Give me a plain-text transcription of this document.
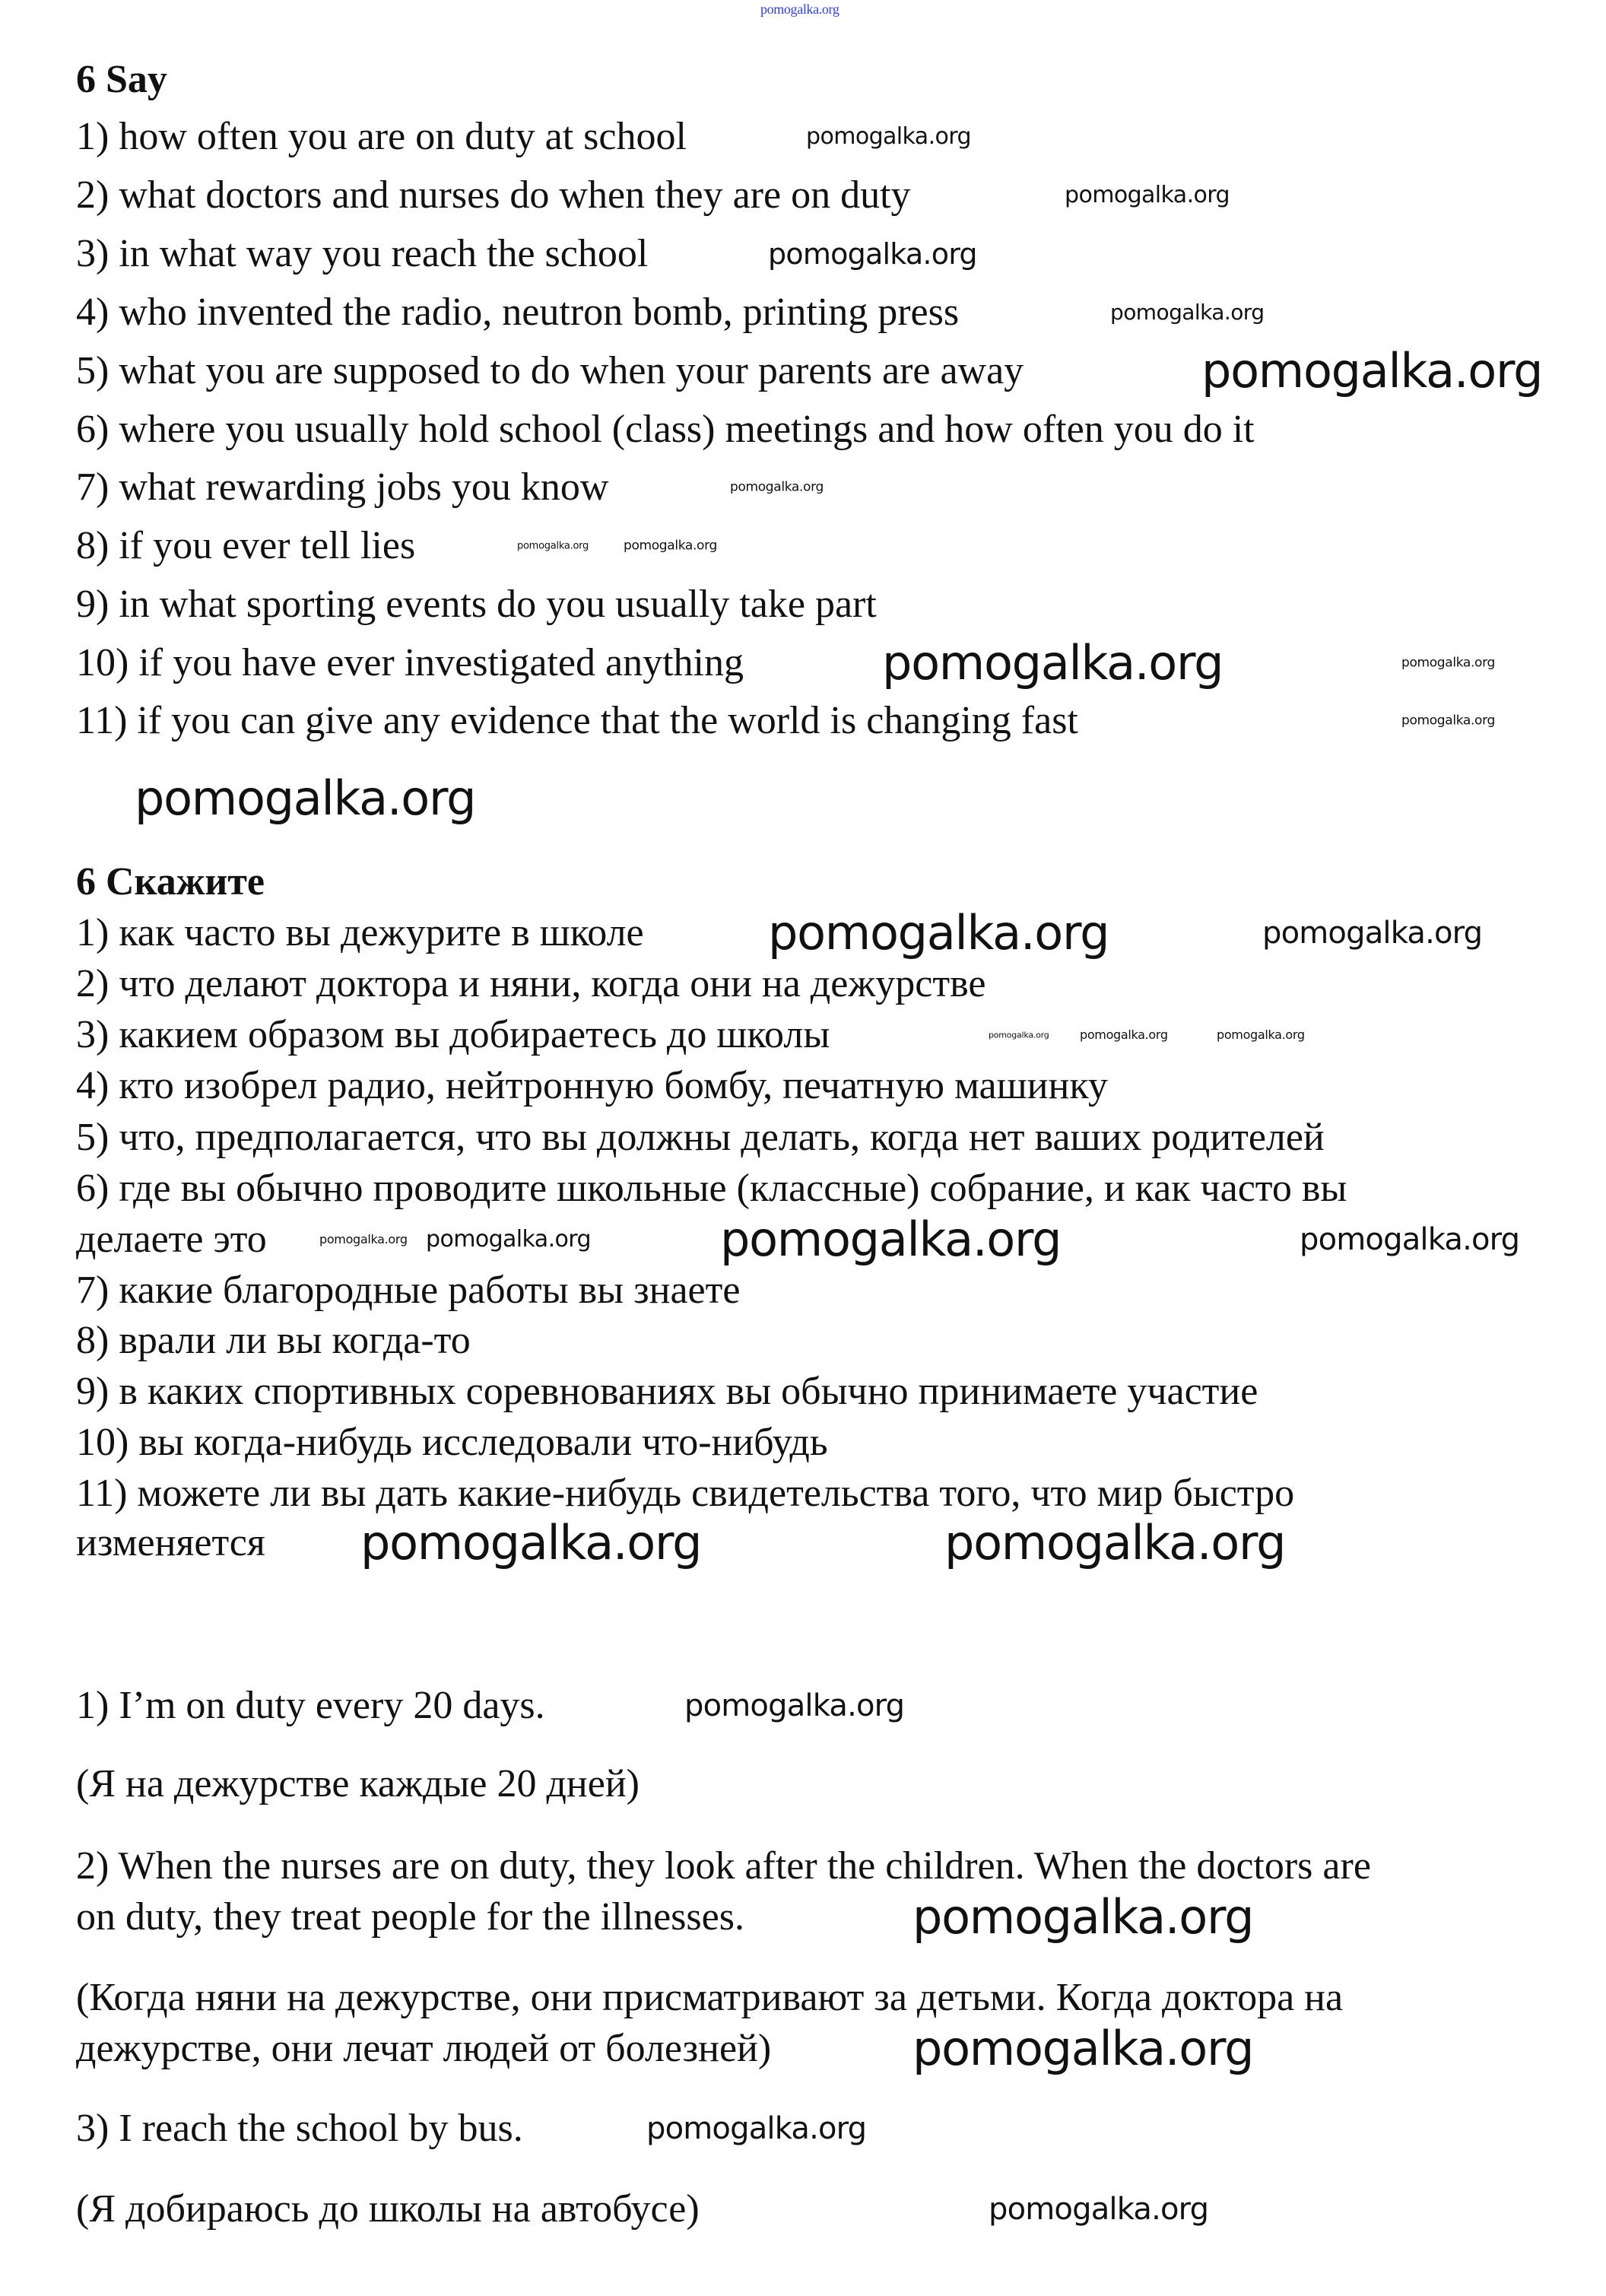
pomogalka.org
6 Say
1) how often you are on duty at school
2) what doctors and nurses do when they are on duty
3) in what way you reach the school
4) who invented the radio, neutron bomb, printing press
5) what you are supposed to do when your parents are away
6) where you usually hold school (class) meetings and how often you do it
7) what rewarding jobs you know
8) if you ever tell lies
9) in what sporting events do you usually take part
10) if you have ever investigated anything
11) if you can give any evidence that the world is changing fast
6 Скажите
1) как часто вы дежурите в школе
2) что делают доктора и няни, когда они на дежурстве
3) какием образом вы добираетесь до школы
4) кто изобрел радио, нейтронную бомбу, печатную машинку
5) что, предполагается, что вы должны делать, когда нет ваших родителей
6) где вы обычно проводите школьные (классные) собрание, и как часто вы
делаете это
7) какие благородные работы вы знаете
8) врали ли вы когда-то
9) в каких спортивных соревнованиях вы обычно принимаете участие
10) вы когда-нибудь исследовали что-нибудь
11) можете ли вы дать какие-нибудь свидетельства того, что мир быстро
изменяется
1) I’m on duty every 20 days.
(Я на дежурстве каждые 20 дней)
2) When the nurses are on duty, they look after the children. When the doctors are
on duty, they treat people for the illnesses.
(Когда няни на дежурстве, они присматривают за детьми. Когда доктора на
дежурстве, они лечат людей от болезней)
3) I reach the school by bus.
(Я добираюсь до школы на автобусе)
pomogalka.org
pomogalka.org
pomogalka.org
pomogalka.org
pomogalka.org
pomogalka.org
pomogalka.org	pomogalka.org
pomogalka.org
pomogalka.org
pomogalka.org
pomogalka.org
pomogalka.org	pomogalka.org
pomogalka.org	pomogalka.org	pomogalka.org
pomogalka.org	pomogalka.org
pomogalka.org
pomogalka.org
pomogalka.org	pomogalka.org
pomogalka.org
pomogalka.org
pomogalka.org
pomogalka.org
pomogalka.org
